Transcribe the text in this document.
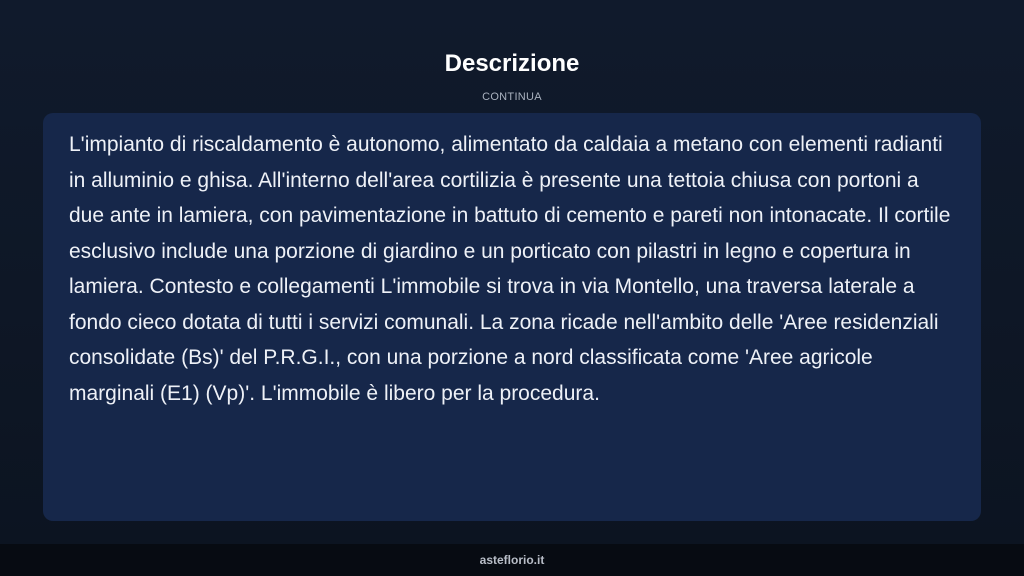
Descrizione
CONTINUA

L'impianto di riscaldamento è autonomo, alimentato da caldaia a metano con elementi radianti in alluminio e ghisa. All'interno dell'area cortilizia è presente una tettoia chiusa con portoni a due ante in lamiera, con pavimentazione in battuto di cemento e pareti non intonacate. Il cortile esclusivo include una porzione di giardino e un porticato con pilastri in legno e copertura in lamiera. Contesto e collegamenti L'immobile si trova in via Montello, una traversa laterale a fondo cieco dotata di tutti i servizi comunali. La zona ricade nell'ambito delle 'Aree residenziali consolidate (Bs)' del P.R.G.I., con una porzione a nord classificata come 'Aree agricole marginali (E1) (Vp)'. L'immobile è libero per la procedura.

asteflorio.it
